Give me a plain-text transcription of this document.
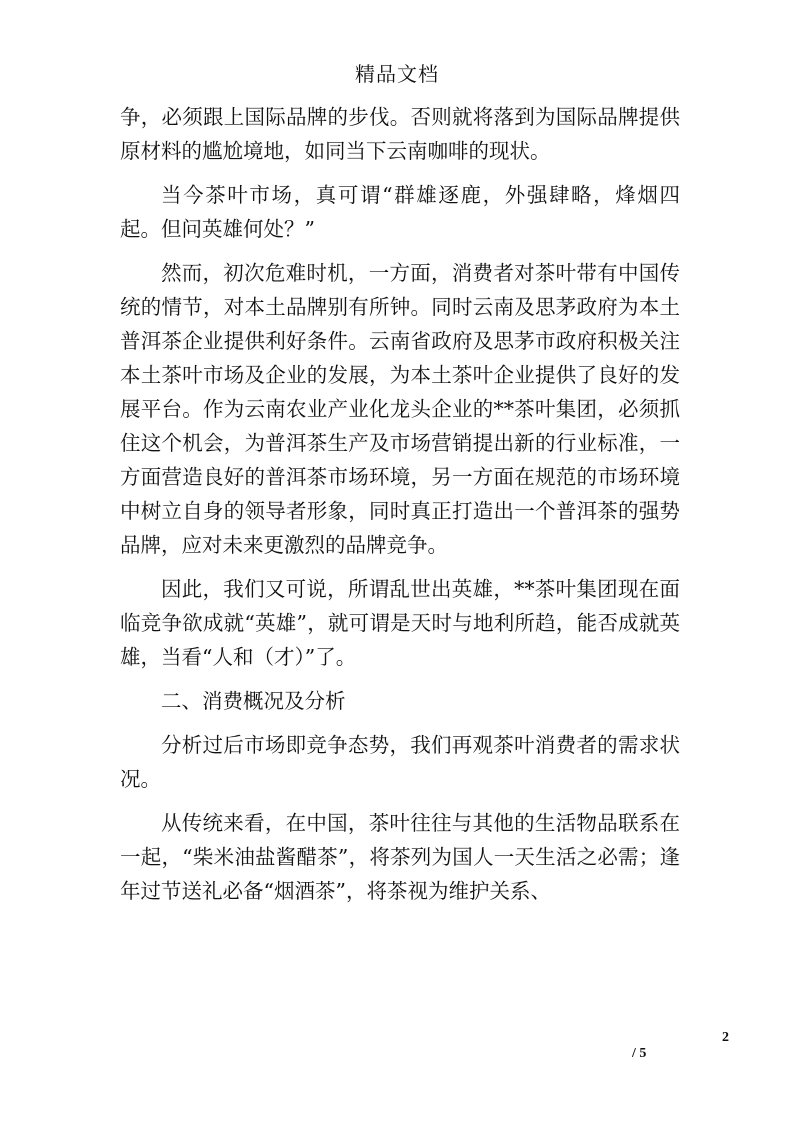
精品文档

争，必须跟上国际品牌的步伐。否则就将落到为国际品牌提供原材料的尴尬境地，如同当下云南咖啡的现状。

当今茶叶市场，真可谓“群雄逐鹿，外强肆略，烽烟四起。但问英雄何处？”

然而，初次危难时机，一方面，消费者对茶叶带有中国传统的情节，对本土品牌别有所钟。同时云南及思茅政府为本土普洱茶企业提供利好条件。云南省政府及思茅市政府积极关注本土茶叶市场及企业的发展，为本土茶叶企业提供了良好的发展平台。作为云南农业产业化龙头企业的**茶叶集团，必须抓住这个机会，为普洱茶生产及市场营销提出新的行业标准，一方面营造良好的普洱茶市场环境，另一方面在规范的市场环境中树立自身的领导者形象，同时真正打造出一个普洱茶的强势品牌，应对未来更激烈的品牌竞争。

因此，我们又可说，所谓乱世出英雄，**茶叶集团现在面临竞争欲成就“英雄”，就可谓是天时与地利所趋，能否成就英雄，当看“人和（才）”了。

二、消费概况及分析

分析过后市场即竞争态势，我们再观茶叶消费者的需求状况。

从传统来看，在中国，茶叶往往与其他的生活物品联系在一起，“柴米油盐酱醋茶”，将茶列为国人一天生活之必需；逢年过节送礼必备“烟酒茶”，将茶视为维护关系、

2
/ 5
